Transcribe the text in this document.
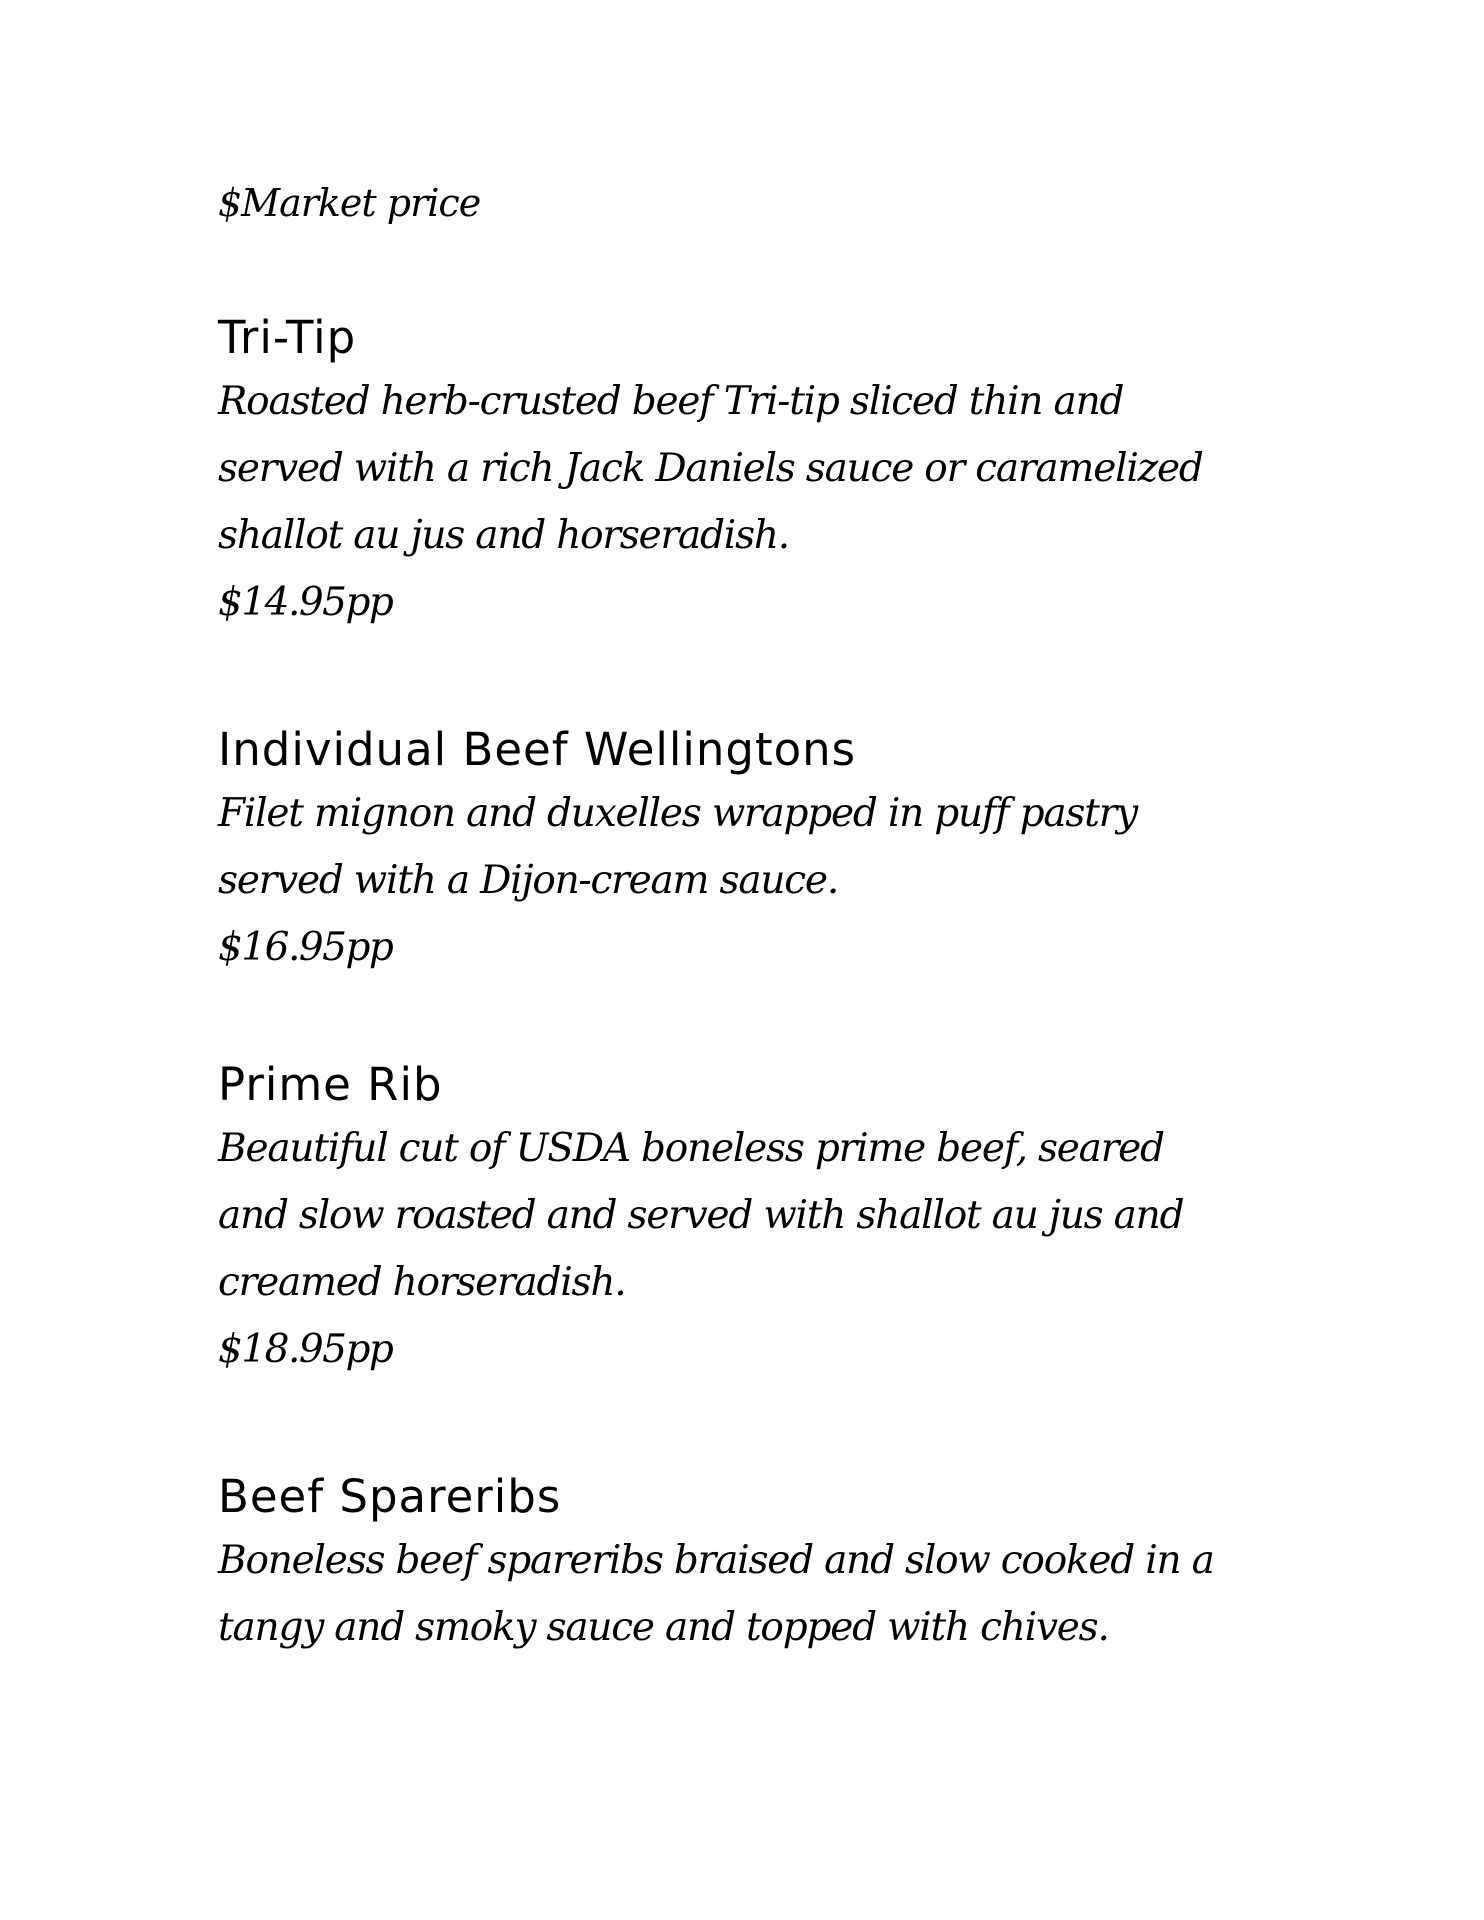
$Market price

Tri-Tip

Roasted herb-crusted beef Tri-tip sliced thin and

served with a rich Jack Daniels sauce or caramelized

shallot au jus and horseradish.

$14.95pp

Individual Beef Wellingtons

Filet mignon and duxelles wrapped in puff pastry

served with a Dijon-cream sauce.

$16.95pp

Prime Rib

Beautiful cut of USDA boneless prime beef, seared

and slow roasted and served with shallot au jus and

creamed horseradish.

$18.95pp

Beef Spareribs

Boneless beef spareribs braised and slow cooked in a

tangy and smoky sauce and topped with chives.
